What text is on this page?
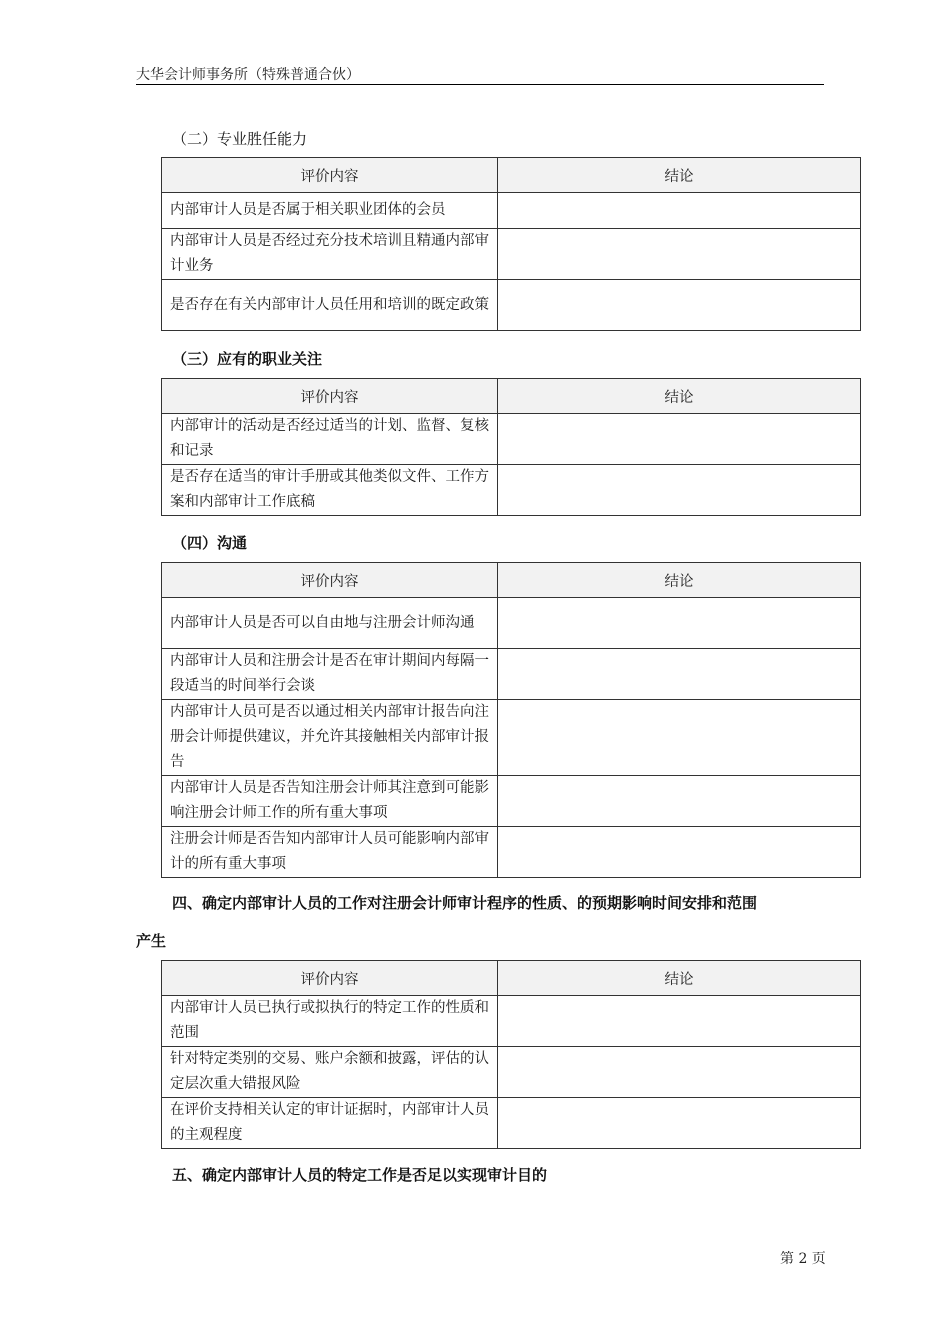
大华会计师事务所（特殊普通合伙）
（二）专业胜任能力
评价内容	结论
内部审计人员是否属于相关职业团体的会员	
内部审计人员是否经过充分技术培训且精通内部审计业务	
是否存在有关内部审计人员任用和培训的既定政策	
（三）应有的职业关注
评价内容	结论
内部审计的活动是否经过适当的计划、监督、复核和记录	
是否存在适当的审计手册或其他类似文件、工作方案和内部审计工作底稿	
（四）沟通
评价内容	结论
内部审计人员是否可以自由地与注册会计师沟通	
内部审计人员和注册会计是否在审计期间内每隔一段适当的时间举行会谈	
内部审计人员可是否以通过相关内部审计报告向注册会计师提供建议，并允许其接触相关内部审计报告	
内部审计人员是否告知注册会计师其注意到可能影响注册会计师工作的所有重大事项	
注册会计师是否告知内部审计人员可能影响内部审计的所有重大事项	
四、确定内部审计人员的工作对注册会计师审计程序的性质、的预期影响时间安排和范围
产生
评价内容	结论
内部审计人员已执行或拟执行的特定工作的性质和范围	
针对特定类别的交易、账户余额和披露，评估的认定层次重大错报风险	
在评价支持相关认定的审计证据时，内部审计人员的主观程度	
五、确定内部审计人员的特定工作是否足以实现审计目的
第 2 页
